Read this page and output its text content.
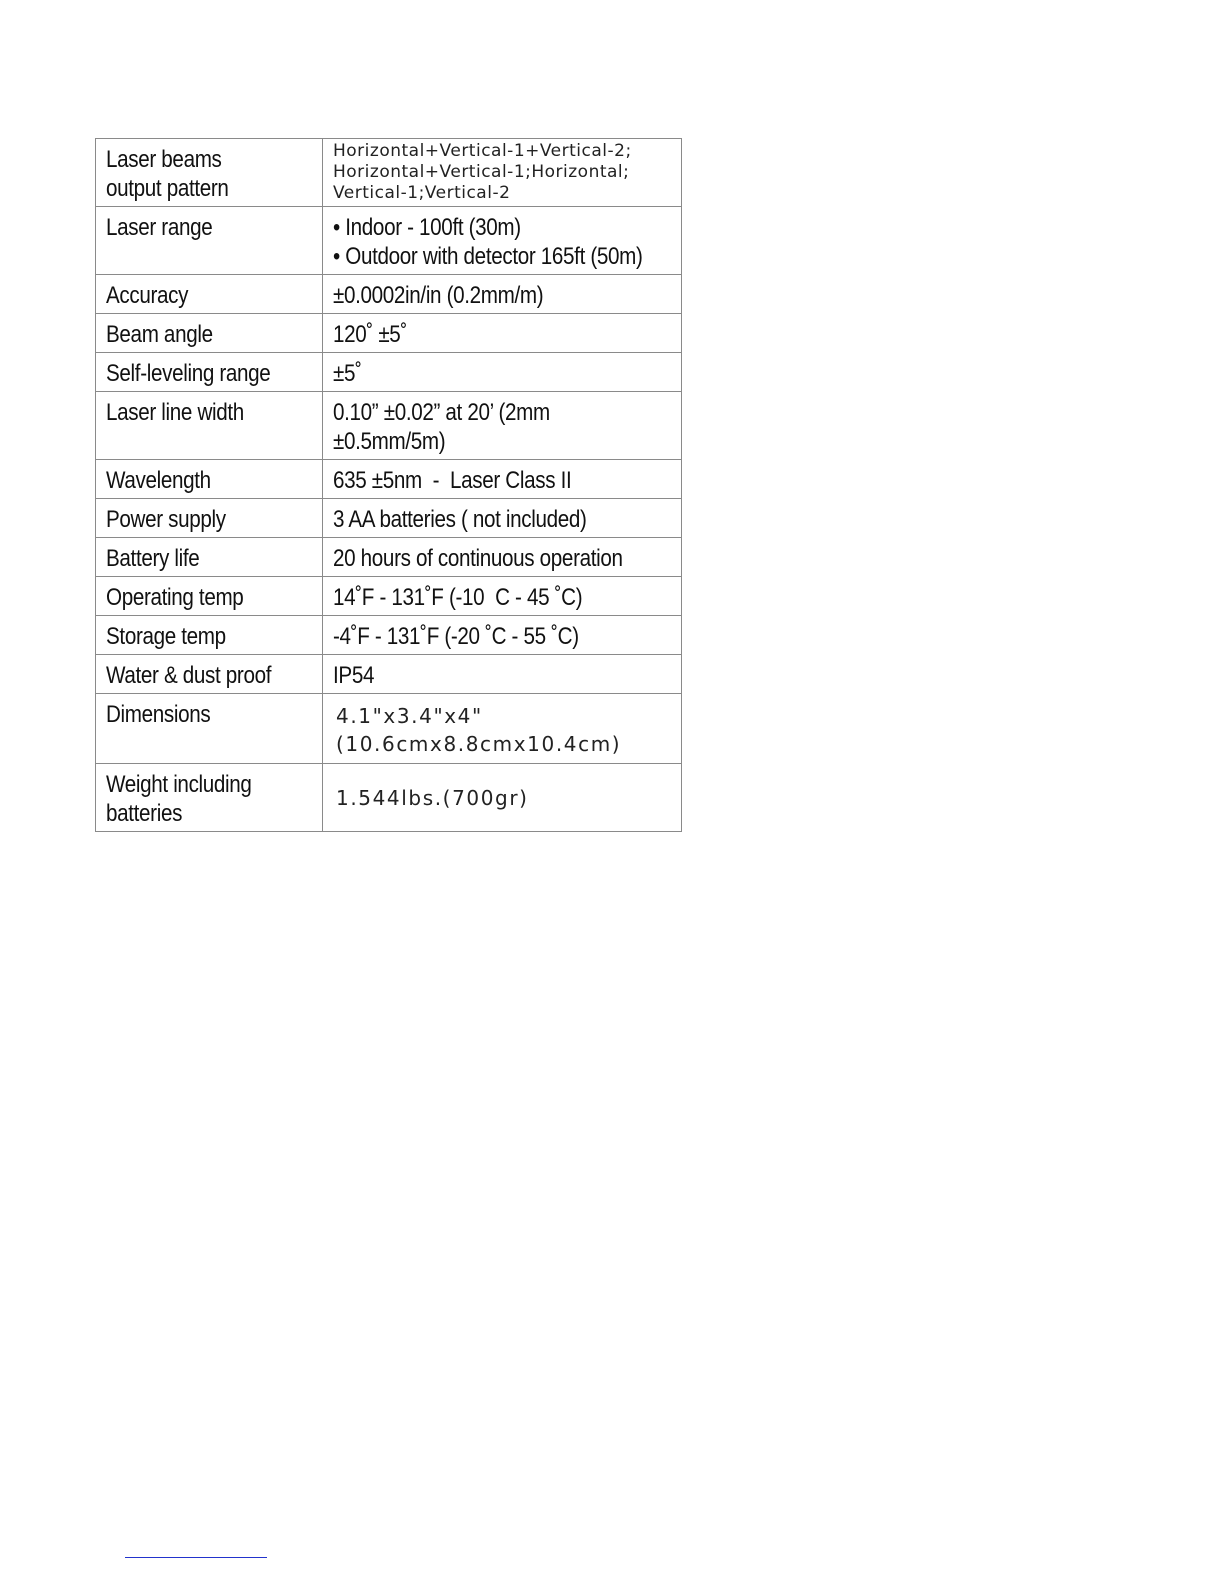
Laser beams
output pattern	Horizontal+Vertical-1+Vertical-2;
Horizontal+Vertical-1;Horizontal;
Vertical-1;Vertical-2

Laser range	• Indoor - 100ft (30m)
• Outdoor with detector 165ft (50m)

Accuracy	±0.0002in/in (0.2mm/m)
Beam angle	120˚ ±5˚
Self-leveling range	±5˚
Laser line width	0.10” ±0.02” at 20’ (2mm
±0.5mm/5m)

Wavelength	635 ±5nm  -  Laser Class II
Power supply	3 AA batteries ( not included)
Battery life	20 hours of continuous operation
Operating temp	14˚F - 131˚F (-10  C - 45 ˚C)
Storage temp	-4˚F - 131˚F (-20 ˚C - 55 ˚C)
Water & dust proof	IP54
Dimensions	4.1"x3.4"x4"
(10.6cmx8.8cmx10.4cm)

Weight including
batteries	1.544lbs.(700gr)
